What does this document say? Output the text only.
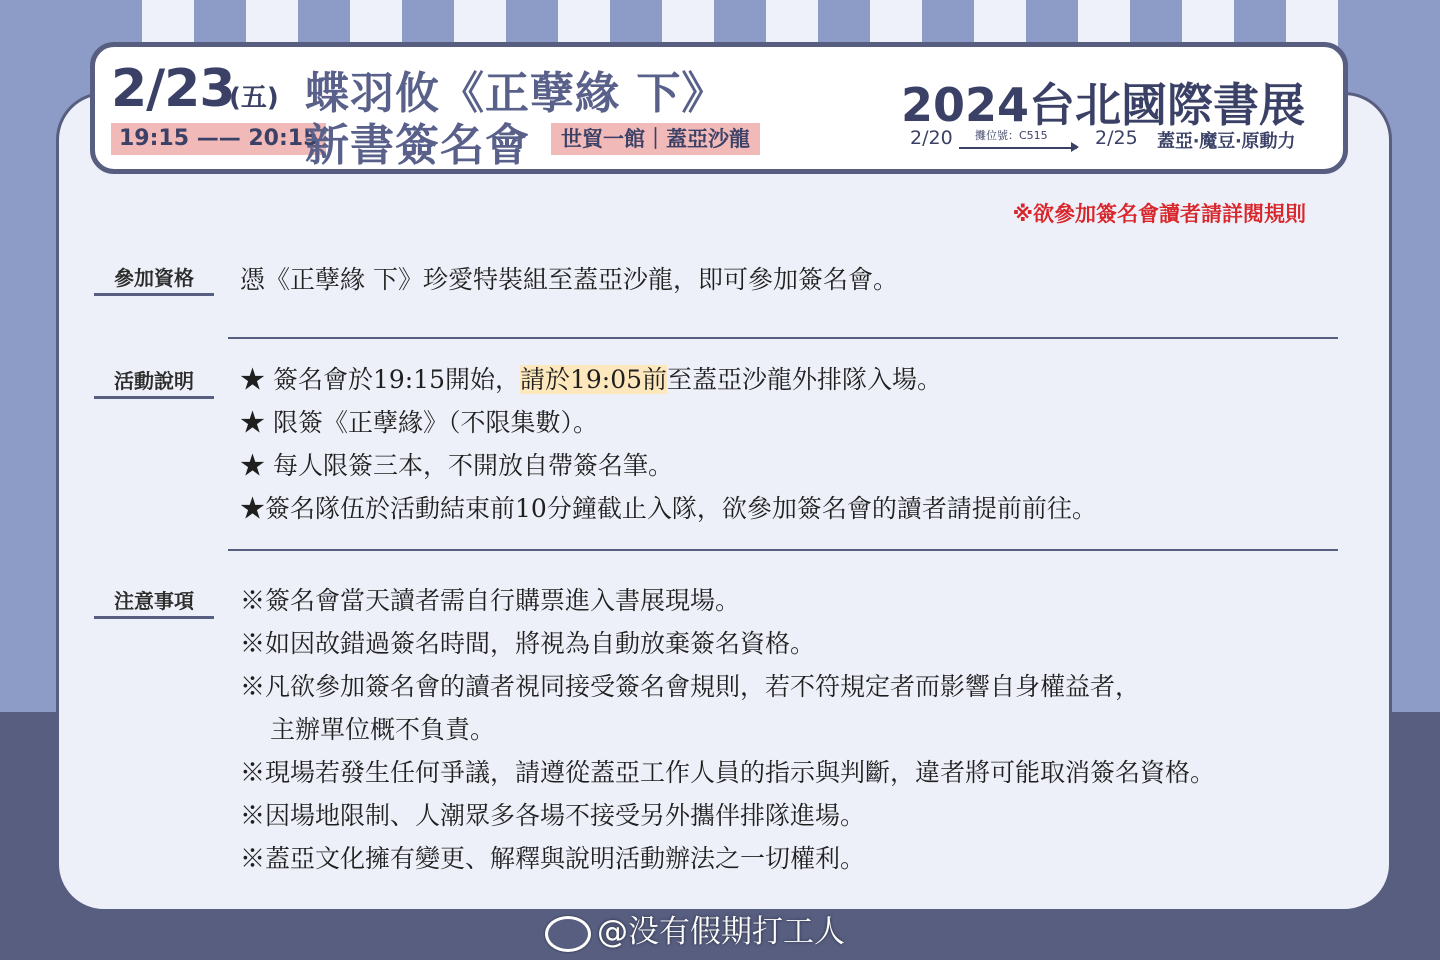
2/23
(五)
19:15 —— 20:15
蝶羽攸《正孽緣 下》
新書簽名會	世貿一館｜蓋亞沙龍
2024台北國際書展
2/20 攤位號：C515 2/25 蓋亞‧魔豆‧原動力
※欲參加簽名會讀者請詳閱規則
參加資格	憑《正孽緣 下》珍愛特裝組至蓋亞沙龍，即可參加簽名會。
活動說明	★ 簽名會於19:15開始，請於19:05前至蓋亞沙龍外排隊入場。
★ 限簽《正孽緣》（不限集數）。
★ 每人限簽三本，不開放自帶簽名筆。
★簽名隊伍於活動結束前10分鐘截止入隊，欲參加簽名會的讀者請提前前往。
注意事項	※簽名會當天讀者需自行購票進入書展現場。
※如因故錯過簽名時間，將視為自動放棄簽名資格。
※凡欲參加簽名會的讀者視同接受簽名會規則，若不符規定者而影響自身權益者，
主辦單位概不負責。
※現場若發生任何爭議，請遵從蓋亞工作人員的指示與判斷，違者將可能取消簽名資格。
※因場地限制、人潮眾多各場不接受另外攜伴排隊進場。
※蓋亞文化擁有變更、解釋與說明活動辦法之一切權利。
@没有假期打工人
